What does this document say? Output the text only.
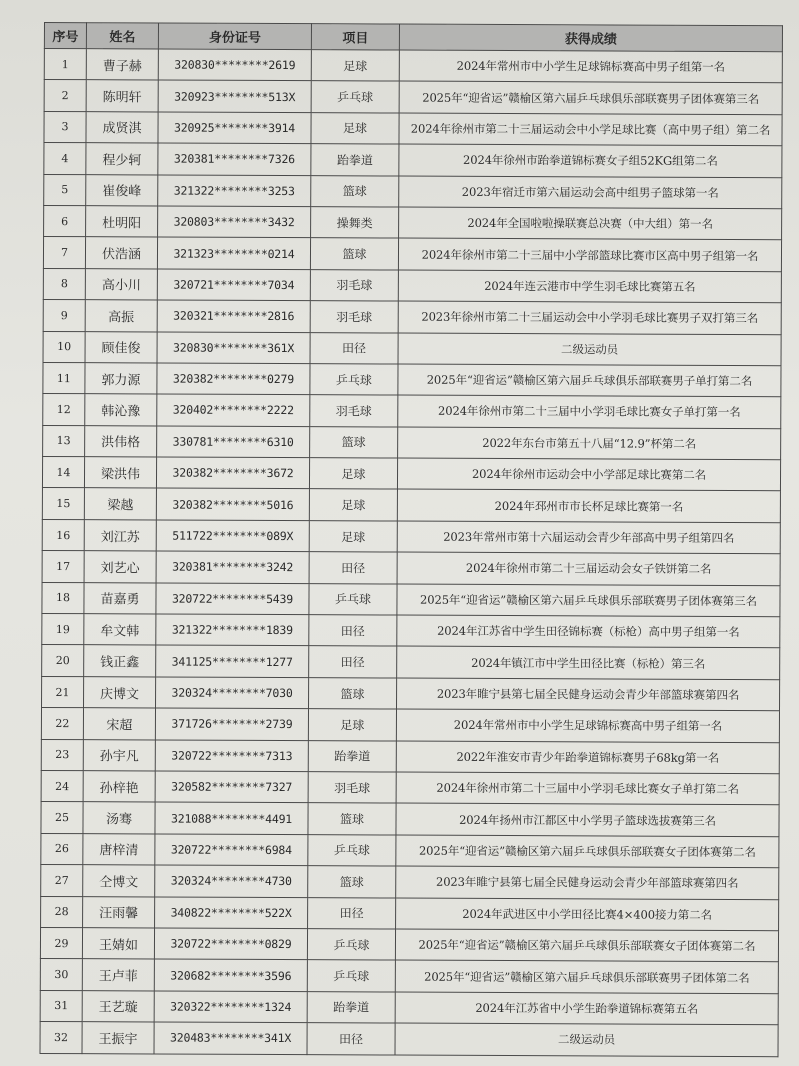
序号	姓名	身份证号	项目	获得成绩
1	曹子赫	320830********2619	足球	2024年常州市中小学生足球锦标赛高中男子组第一名
2	陈明轩	320923********513X	乒乓球	2025年“迎省运”赣榆区第六届乒乓球俱乐部联赛男子团体赛第三名
3	成贤淇	320925********3914	足球	2024年徐州市第二十三届运动会中小学足球比赛（高中男子组）第二名
4	程少轲	320381********7326	跆拳道	2024年徐州市跆拳道锦标赛女子组52KG组第二名
5	崔俊峰	321322********3253	篮球	2023年宿迁市第六届运动会高中组男子篮球第一名
6	杜明阳	320803********3432	操舞类	2024年全国啦啦操联赛总决赛（中大组）第一名
7	伏浩涵	321323********0214	篮球	2024年徐州市第二十三届中小学部篮球比赛市区高中男子组第一名
8	高小川	320721********7034	羽毛球	2024年连云港市中学生羽毛球比赛第五名
9	高振	320321********2816	羽毛球	2023年徐州市第二十三届运动会中小学羽毛球比赛男子双打第三名
10	顾佳俊	320830********361X	田径	二级运动员
11	郭力源	320382********0279	乒乓球	2025年“迎省运”赣榆区第六届乒乓球俱乐部联赛男子单打第二名
12	韩沁豫	320402********2222	羽毛球	2024年徐州市第二十三届中小学羽毛球比赛女子单打第一名
13	洪伟格	330781********6310	篮球	2022年东台市第五十八届“12.9”杯第二名
14	梁洪伟	320382********3672	足球	2024年徐州市运动会中小学部足球比赛第二名
15	梁越	320382********5016	足球	2024年邳州市市长杯足球比赛第一名
16	刘江苏	511722********089X	足球	2023年常州市第十六届运动会青少年部高中男子组第四名
17	刘艺心	320381********3242	田径	2024年徐州市第二十三届运动会女子铁饼第二名
18	苗嘉勇	320722********5439	乒乓球	2025年“迎省运”赣榆区第六届乒乓球俱乐部联赛男子团体赛第三名
19	牟文韩	321322********1839	田径	2024年江苏省中学生田径锦标赛（标枪）高中男子组第一名
20	钱正鑫	341125********1277	田径	2024年镇江市中学生田径比赛（标枪）第三名
21	庆博文	320324********7030	篮球	2023年睢宁县第七届全民健身运动会青少年部篮球赛第四名
22	宋超	371726********2739	足球	2024年常州市中小学生足球锦标赛高中男子组第一名
23	孙宇凡	320722********7313	跆拳道	2022年淮安市青少年跆拳道锦标赛男子68kg第一名
24	孙梓艳	320582********7327	羽毛球	2024年徐州市第二十三届中小学羽毛球比赛女子单打第二名
25	汤骞	321088********4491	篮球	2024年扬州市江都区中小学男子篮球选拔赛第三名
26	唐梓清	320722********6984	乒乓球	2025年“迎省运”赣榆区第六届乒乓球俱乐部联赛女子团体赛第二名
27	仝博文	320324********4730	篮球	2023年睢宁县第七届全民健身运动会青少年部篮球赛第四名
28	汪雨馨	340822********522X	田径	2024年武进区中小学田径比赛4×400接力第二名
29	王婧如	320722********0829	乒乓球	2025年“迎省运”赣榆区第六届乒乓球俱乐部联赛女子团体赛第二名
30	王卢菲	320682********3596	乒乓球	2025年“迎省运”赣榆区第六届乒乓球俱乐部联赛男子团体第二名
31	王艺璇	320322********1324	跆拳道	2024年江苏省中小学生跆拳道锦标赛第五名
32	王振宇	320483********341X	田径	二级运动员
